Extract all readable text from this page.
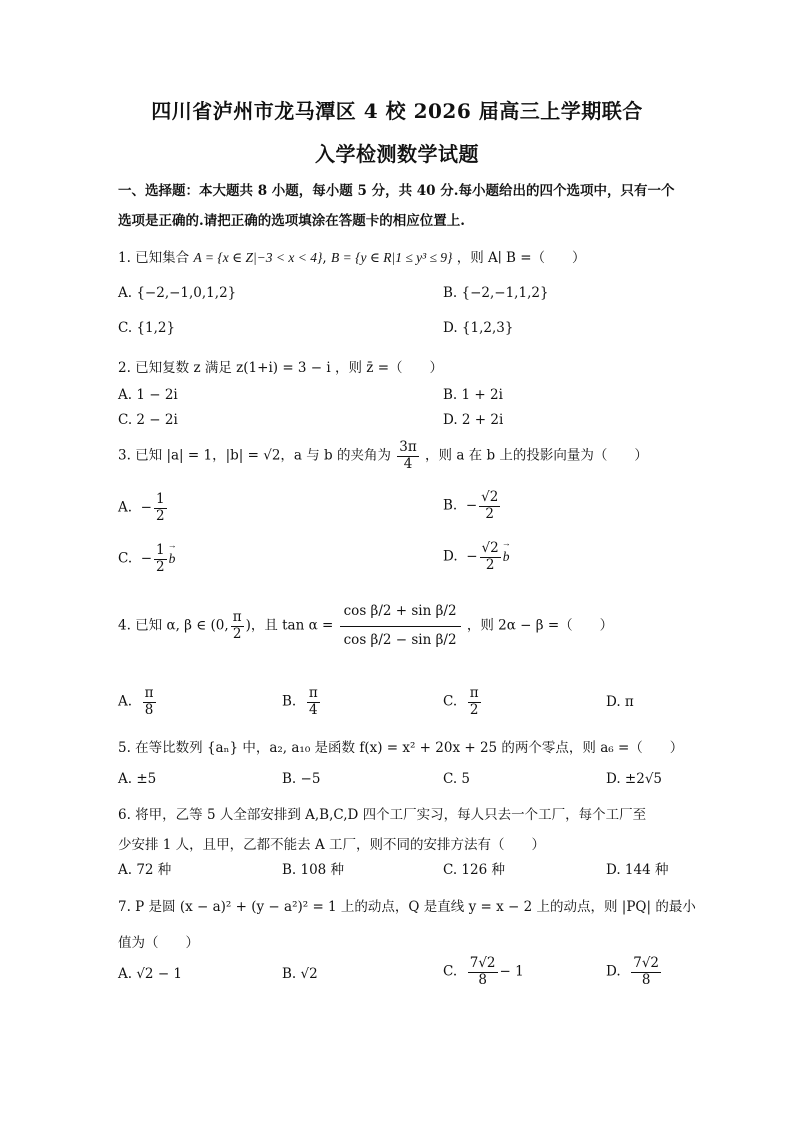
四川省泸州市龙马潭区 4 校 2026 届高三上学期联合
入学检测数学试题
一、选择题：本大题共 8 小题，每小题 5 分，共 40 分.每小题给出的四个选项中，只有一个
选项是正确的.请把正确的选项填涂在答题卡的相应位置上.
1. 已知集合 A = {x ∈ Z|−3 < x < 4}, B = {y ∈ R|1 ≤ y³ ≤ 9} ，则 A∣ B =（　　）
A. {−2,−1,0,1,2}	B. {−2,−1,1,2}
C. {1,2}	D. {1,2,3}
2. 已知复数 z 满足 z(1+i) = 3 − i ，则 z̄ =（　　）
A. 1 − 2i	B. 1 + 2i
C. 2 − 2i	D. 2 + 2i
3. 已知 |a| = 1，|b| = √2，a 与 b 的夹角为 $\frac{3\pi}{4}$ ，则 a 在 b 上的投影向量为（　　）
A. − $\frac{1}{2}$	B. − $\frac{√2}{2}$
C.  − $\frac{1}{2}$
→ b	D.  − $\frac{√2}{2}$
→ b
4. 已知 α, β ∈ (0, $\frac{\pi}{2}$ )，且 $\tan \alpha = \frac{\text{cos β/2 + sin β/2}}{\text{cos β/2 − sin β/2}}$ ，则 2α − β =（　　）
A. $\frac{\pi}{8}$	B. $\frac{\pi}{4}$	C. $\frac{\pi}{2}$	D. π
5. 在等比数列 {aₙ} 中，a₂, a₁₀ 是函数 f(x) = x² + 20x + 25 的两个零点，则 a₆ =（　　）
A. ±5	B. −5	C. 5	D. ±2√5
6. 将甲，乙等 5 人全部安排到 A,B,C,D 四个工厂实习，每人只去一个工厂，每个工厂至
少安排 1 人，且甲，乙都不能去 A 工厂，则不同的安排方法有（　　）
A. 72 种	B. 108 种	C. 126 种	D. 144 种
7. P 是圆 (x − a)² + (y − a²)² = 1 上的动点，Q 是直线 y = x − 2 上的动点，则 |PQ| 的最小
值为（　　）
A. √2 − 1	B. √2	C. $\frac{7√2}{8} - 1$	D. $\frac{7√2}{8}$
